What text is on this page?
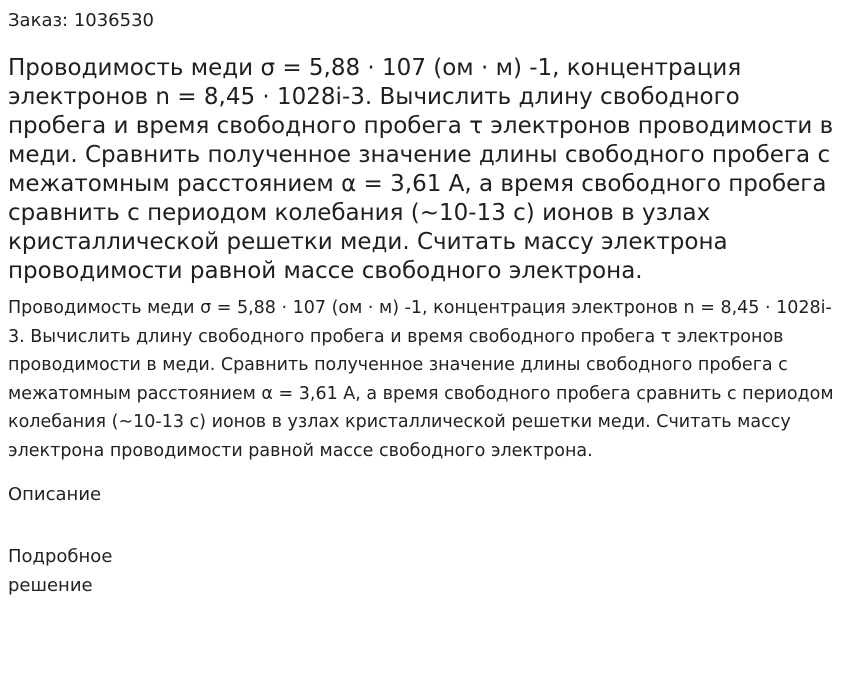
Заказ: 1036530
Проводимость меди σ = 5,88 · 107 (ом · м) -1, концентрация электронов n = 8,45 · 1028i-3. Вычислить длину свободного пробега и время свободного пробега τ электронов проводимости в меди. Сравнить полученное значение длины свободного пробега с межатомным расстоянием α = 3,61 A, а время свободного пробега сравнить с периодом колебания (~10-13 c) ионов в узлах кристаллической решетки меди. Считать массу электрона проводимости равной массе свободного электрона.

Проводимость меди σ = 5,88 · 107 (ом · м) -1, концентрация электронов n = 8,45 · 1028i-3. Вычислить длину свободного пробега и время свободного пробега τ электронов проводимости в меди. Сравнить полученное значение длины свободного пробега с межатомным расстоянием α = 3,61 A, а время свободного пробега сравнить с периодом колебания (~10-13 c) ионов в узлах кристаллической решетки меди. Считать массу электрона проводимости равной массе свободного электрона.

Описание
Подробное решение
